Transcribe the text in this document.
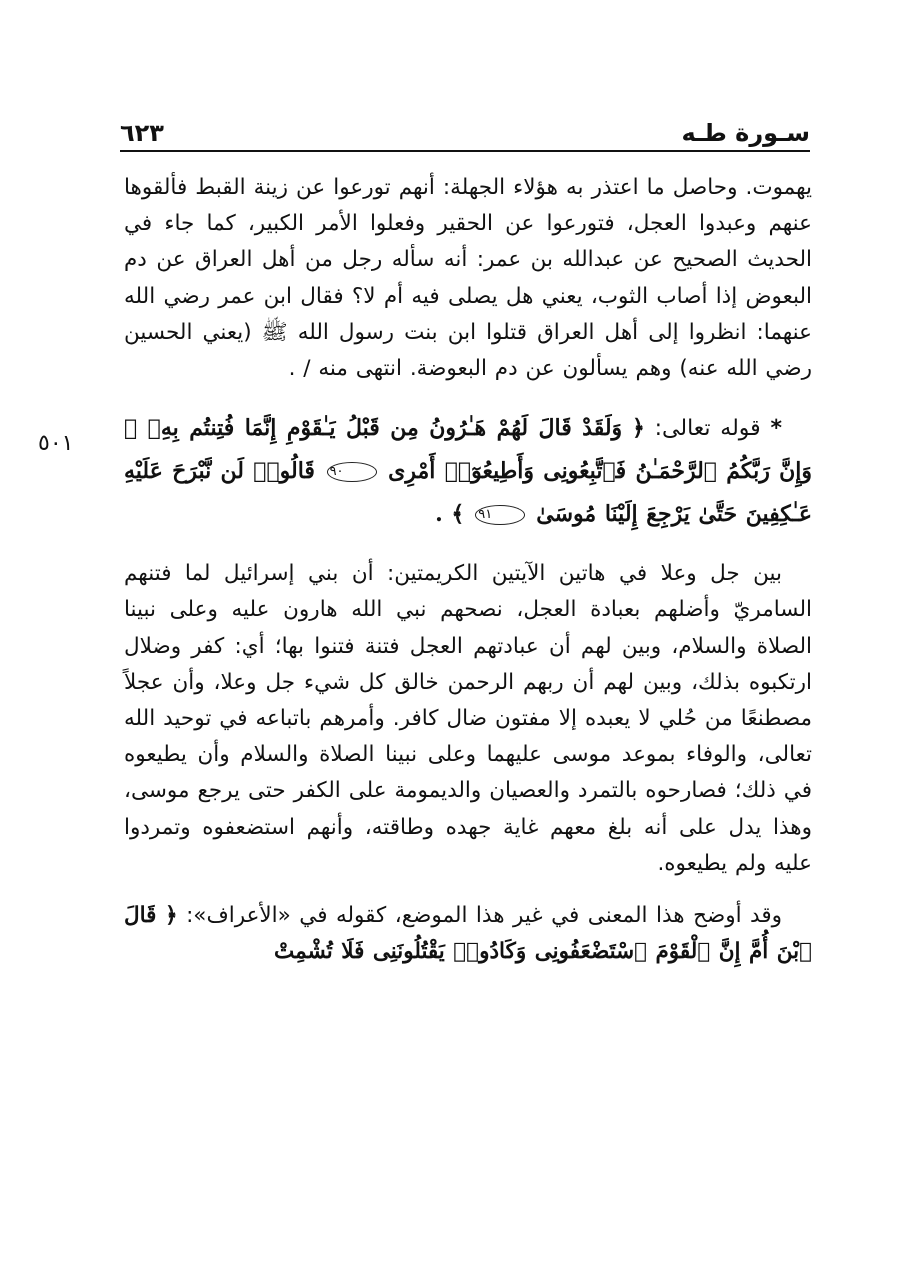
سـورة طـه
٦٢٣
٥٠١

يهموت. وحاصل ما اعتذر به هؤلاء الجهلة: أنهم تورعوا عن زينة القبط فألقوها عنهم وعبدوا العجل، فتورعوا عن الحقير وفعلوا الأمر الكبير، كما جاء في الحديث الصحيح عن عبدالله بن عمر: أنه سأله رجل من أهل العراق عن دم البعوض إذا أصاب الثوب، يعني هل يصلى فيه أم لا؟ فقال ابن عمر رضي الله عنهما: انظروا إلى أهل العراق قتلوا ابن بنت رسول الله ﷺ (يعني الحسين رضي الله عنه) وهم يسألون عن دم البعوضة. انتهى منه / .

* قوله تعالى: ﴿ وَلَقَدْ قَالَ لَهُمْ هَـٰرُونُ مِن قَبْلُ يَـٰقَوْمِ إِنَّمَا فُتِنتُم بِهِۦ ۖ وَإِنَّ رَبَّكُمُ ٱلرَّحْمَـٰنُ فَٱتَّبِعُونِى وَأَطِيعُوٓا۟ أَمْرِى ٩٠ قَالُوا۟ لَن نَّبْرَحَ عَلَيْهِ عَـٰكِفِينَ حَتَّىٰ يَرْجِعَ إِلَيْنَا مُوسَىٰ ٩١ ﴾ .

بين جل وعلا في هاتين الآيتين الكريمتين: أن بني إسرائيل لما فتنهم السامريّ وأضلهم بعبادة العجل، نصحهم نبي الله هارون عليه وعلى نبينا الصلاة والسلام، وبين لهم أن عبادتهم العجل فتنة فتنوا بها؛ أي: كفر وضلال ارتكبوه بذلك، وبين لهم أن ربهم الرحمن خالق كل شيء جل وعلا، وأن عجلاً مصطنعًا من حُلي لا يعبده إلا مفتون ضال كافر. وأمرهم باتباعه في توحيد الله تعالى، والوفاء بموعد موسى عليهما وعلى نبينا الصلاة والسلام وأن يطيعوه في ذلك؛ فصارحوه بالتمرد والعصيان والديمومة على الكفر حتى يرجع موسى، وهذا يدل على أنه بلغ معهم غاية جهده وطاقته، وأنهم استضعفوه وتمردوا عليه ولم يطيعوه.

وقد أوضح هذا المعنى في غير هذا الموضع، كقوله في «الأعراف»: ﴿ قَالَ ٱبْنَ أُمَّ إِنَّ ٱلْقَوْمَ ٱسْتَضْعَفُونِى وَكَادُوا۟ يَقْتُلُونَنِى فَلَا تُشْمِتْ
